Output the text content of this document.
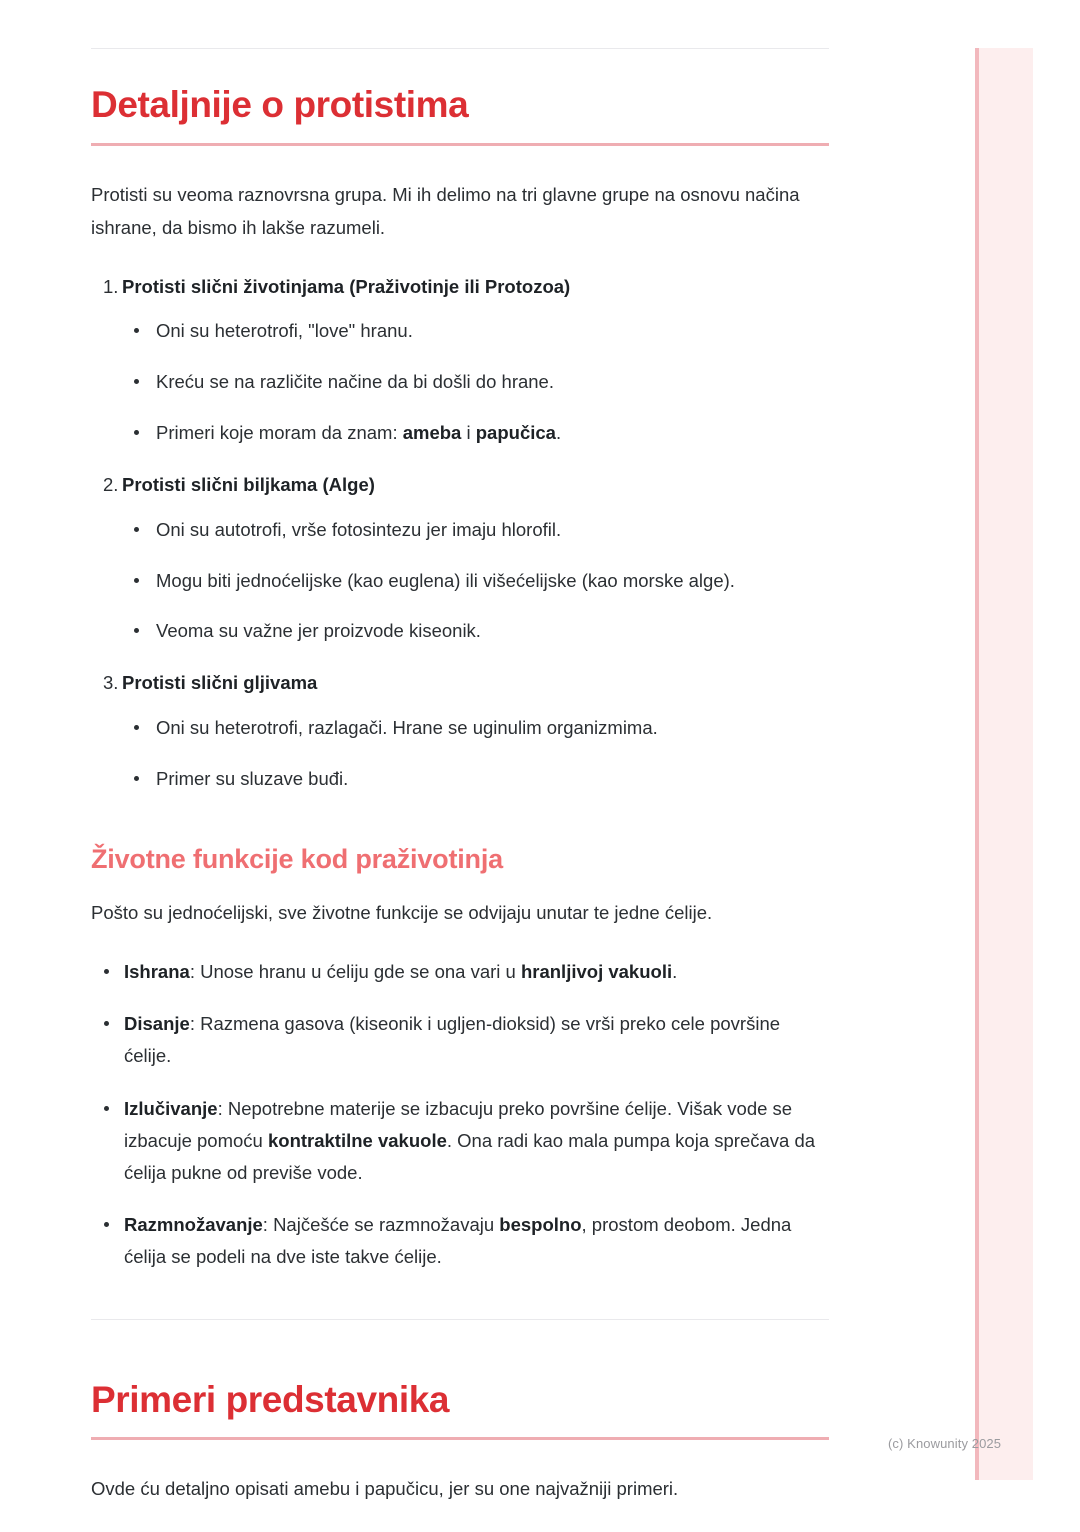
Detaljnije o protistima

Protisti su veoma raznovrsna grupa. Mi ih delimo na tri glavne grupe na osnovu načina ishrane, da bismo ih lakše razumeli.

1. Protisti slični životinjama (Praživotinje ili Protozoa)
Oni su heterotrofi, "love" hranu.
Kreću se na različite načine da bi došli do hrane.
Primeri koje moram da znam: ameba i papučica.
2. Protisti slični biljkama (Alge)
Oni su autotrofi, vrše fotosintezu jer imaju hlorofil.
Mogu biti jednoćelijske (kao euglena) ili višećelijske (kao morske alge).
Veoma su važne jer proizvode kiseonik.
3. Protisti slični gljivama
Oni su heterotrofi, razlagači. Hrane se uginulim organizmima.
Primer su sluzave buđi.
Životne funkcije kod praživotinja

Pošto su jednoćelijski, sve životne funkcije se odvijaju unutar te jedne ćelije.

Ishrana: Unose hranu u ćeliju gde se ona vari u hranljivoj vakuoli.
Disanje: Razmena gasova (kiseonik i ugljen-dioksid) se vrši preko cele površine ćelije.
Izlučivanje: Nepotrebne materije se izbacuju preko površine ćelije. Višak vode se izbacuje pomoću kontraktilne vakuole. Ona radi kao mala pumpa koja sprečava da ćelija pukne od previše vode.
Razmnožavanje: Najčešće se razmnožavaju bespolno, prostom deobom. Jedna ćelija se podeli na dve iste takve ćelije.
Primeri predstavnika

Ovde ću detaljno opisati amebu i papučicu, jer su one najvažniji primeri.

(c) Knowunity 2025
